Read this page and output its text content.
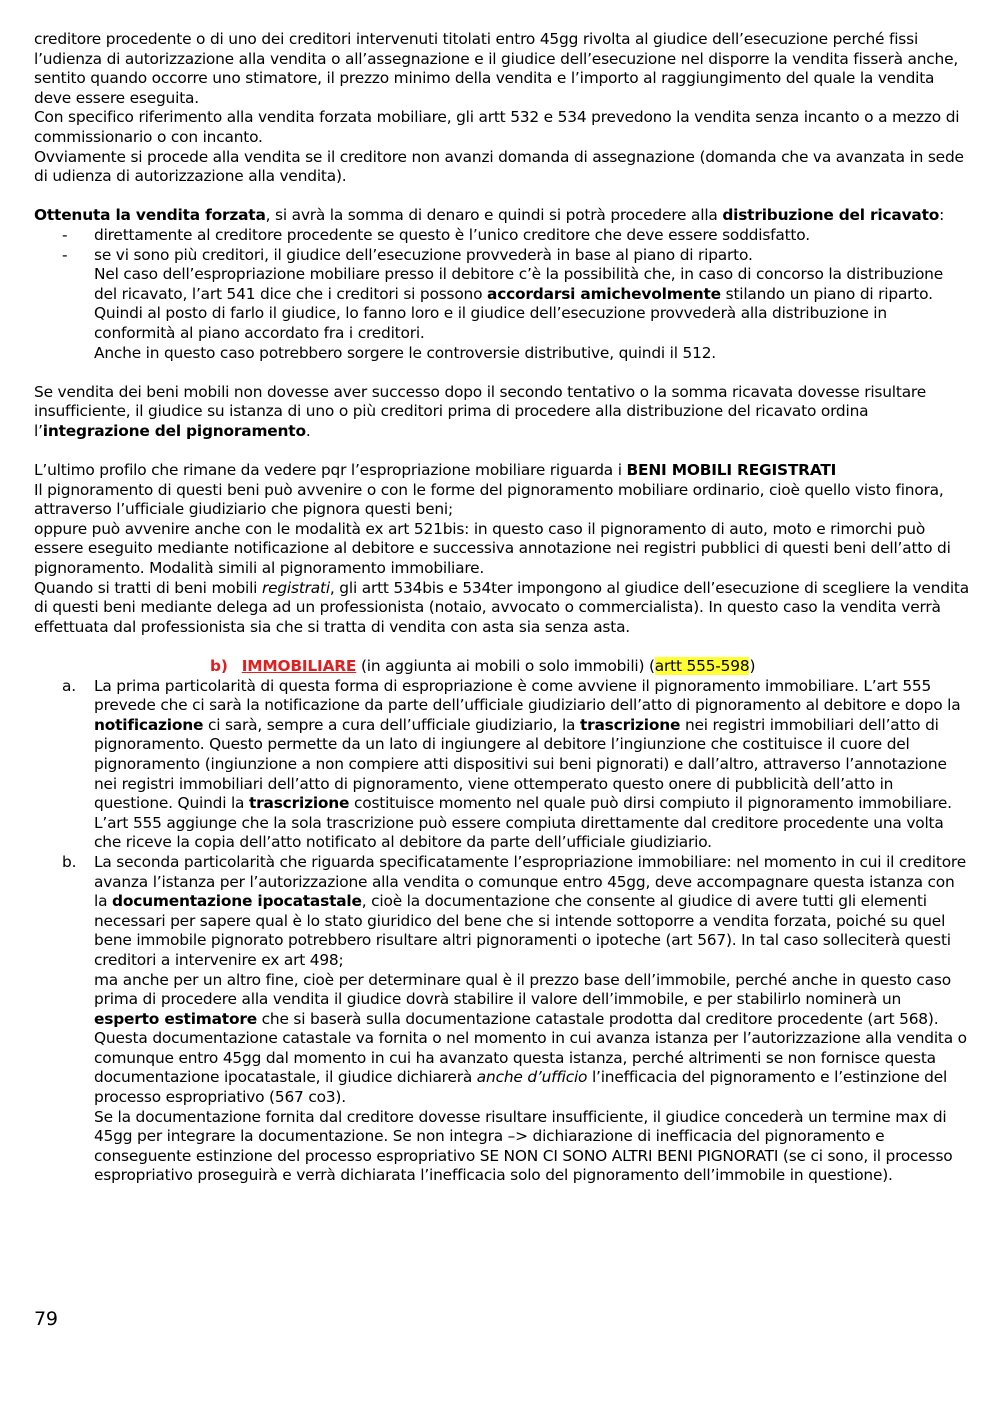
creditore procedente o di uno dei creditori intervenuti titolati entro 45gg rivolta al giudice dell’esecuzione perché fissi l’udienza di autorizzazione alla vendita o all’assegnazione e il giudice dell’esecuzione nel disporre la vendita fisserà anche, sentito quando occorre uno stimatore, il prezzo minimo della vendita e l’importo al raggiungimento del quale la vendita deve essere eseguita.

Con specifico riferimento alla vendita forzata mobiliare, gli artt 532 e 534 prevedono la vendita senza incanto o a mezzo di commissionario o con incanto.

Ovviamente si procede alla vendita se il creditore non avanzi domanda di assegnazione (domanda che va avanzata in sede di udienza di autorizzazione alla vendita).

Ottenuta la vendita forzata, si avrà la somma di denaro e quindi si potrà procedere alla distribuzione del ricavato:

- direttamente al creditore procedente se questo è l’unico creditore che deve essere soddisfatto.

- se vi sono più creditori, il giudice dell’esecuzione provvederà in base al piano di riparto.

Nel caso dell’espropriazione mobiliare presso il debitore c’è la possibilità che, in caso di concorso la distribuzione del ricavato, l’art 541 dice che i creditori si possono accordarsi amichevolmente stilando un piano di riparto. Quindi al posto di farlo il giudice, lo fanno loro e il giudice dell’esecuzione provvederà alla distribuzione in conformità al piano accordato fra i creditori.

Anche in questo caso potrebbero sorgere le controversie distributive, quindi il 512.

Se vendita dei beni mobili non dovesse aver successo dopo il secondo tentativo o la somma ricavata dovesse risultare insufficiente, il giudice su istanza di uno o più creditori prima di procedere alla distribuzione del ricavato ordina l’integrazione del pignoramento.

L’ultimo profilo che rimane da vedere pqr l’espropriazione mobiliare riguarda i BENI MOBILI REGISTRATI

Il pignoramento di questi beni può avvenire o con le forme del pignoramento mobiliare ordinario, cioè quello visto finora, attraverso l’ufficiale giudiziario che pignora questi beni;

oppure può avvenire anche con le modalità ex art 521bis: in questo caso il pignoramento di auto, moto e rimorchi può essere eseguito mediante notificazione al debitore e successiva annotazione nei registri pubblici di questi beni dell’atto di pignoramento. Modalità simili al pignoramento immobiliare.

Quando si tratti di beni mobili registrati, gli artt 534bis e 534ter impongono al giudice dell’esecuzione di scegliere la vendita di questi beni mediante delega ad un professionista (notaio, avvocato o commercialista). In questo caso la vendita verrà effettuata dal professionista sia che si tratta di vendita con asta sia senza asta.

b) IMMOBILIARE (in aggiunta ai mobili o solo immobili) (artt 555-598)

a. La prima particolarità di questa forma di espropriazione è come avviene il pignoramento immobiliare. L’art 555 prevede che ci sarà la notificazione da parte dell’ufficiale giudiziario dell’atto di pignoramento al debitore e dopo la notificazione ci sarà, sempre a cura dell’ufficiale giudiziario, la trascrizione nei registri immobiliari dell’atto di pignoramento. Questo permette da un lato di ingiungere al debitore l’ingiunzione che costituisce il cuore del pignoramento (ingiunzione a non compiere atti dispositivi sui beni pignorati) e dall’altro, attraverso l’annotazione nei registri immobiliari dell’atto di pignoramento, viene ottemperato questo onere di pubblicità dell’atto in questione. Quindi la trascrizione costituisce momento nel quale può dirsi compiuto il pignoramento immobiliare.

L’art 555 aggiunge che la sola trascrizione può essere compiuta direttamente dal creditore procedente una volta che riceve la copia dell’atto notificato al debitore da parte dell’ufficiale giudiziario.

b. La seconda particolarità che riguarda specificatamente l’espropriazione immobiliare: nel momento in cui il creditore avanza l’istanza per l’autorizzazione alla vendita o comunque entro 45gg, deve accompagnare questa istanza con la documentazione ipocatastale, cioè la documentazione che consente al giudice di avere tutti gli elementi necessari per sapere qual è lo stato giuridico del bene che si intende sottoporre a vendita forzata, poiché su quel bene immobile pignorato potrebbero risultare altri pignoramenti o ipoteche (art 567). In tal caso solleciterà questi creditori a intervenire ex art 498;

ma anche per un altro fine, cioè per determinare qual è il prezzo base dell’immobile, perché anche in questo caso prima di procedere alla vendita il giudice dovrà stabilire il valore dell’immobile, e per stabilirlo nominerà un esperto estimatore che si baserà sulla documentazione catastale prodotta dal creditore procedente (art 568).

Questa documentazione catastale va fornita o nel momento in cui avanza istanza per l’autorizzazione alla vendita o comunque entro 45gg dal momento in cui ha avanzato questa istanza, perché altrimenti se non fornisce questa documentazione ipocatastale, il giudice dichiarerà anche d’ufficio l’inefficacia del pignoramento e l’estinzione del processo espropriativo (567 co3).

Se la documentazione fornita dal creditore dovesse risultare insufficiente, il giudice concederà un termine max di 45gg per integrare la documentazione. Se non integra –> dichiarazione di inefficacia del pignoramento e conseguente estinzione del processo espropriativo SE NON CI SONO ALTRI BENI PIGNORATI (se ci sono, il processo espropriativo proseguirà e verrà dichiarata l’inefficacia solo del pignoramento dell’immobile in questione).

79
